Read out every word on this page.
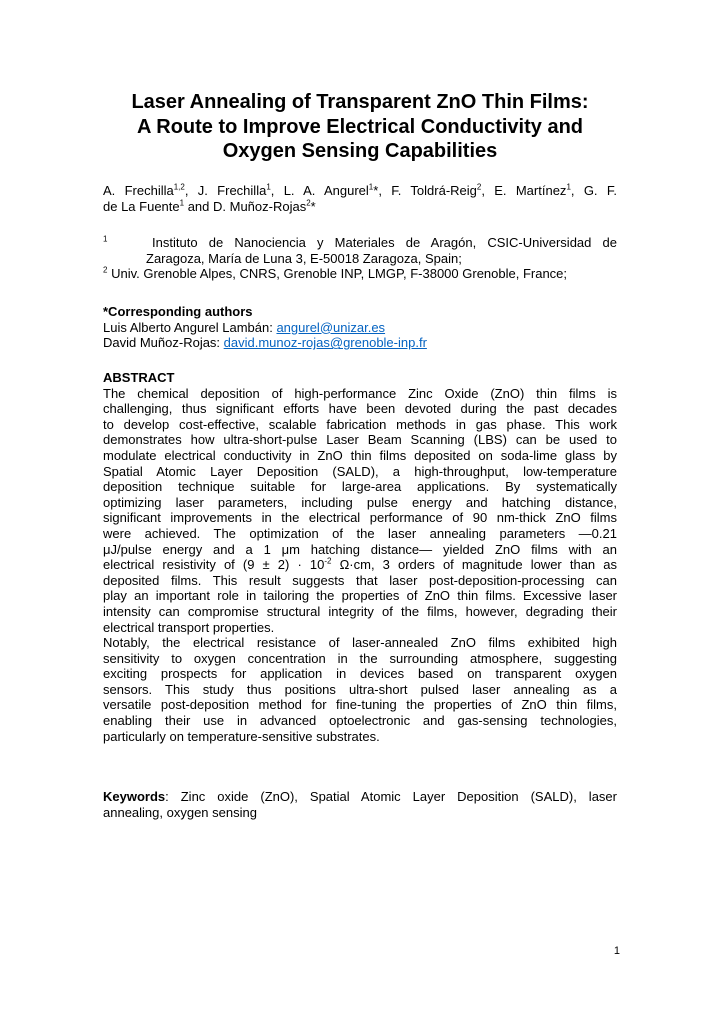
Laser Annealing of Transparent ZnO Thin Films:
A Route to Improve Electrical Conductivity and
Oxygen Sensing Capabilities
A. Frechilla$^{1,2}$, J. Frechilla$^1$, L. A. Angurel$^1$*, F. Toldrá-Reig$^2$, E. Martínez$^1$, G. F.
de La Fuente$^1$ and D. Muñoz-Rojas$^2$*
$^1$	Instituto de Nanociencia y Materiales de Aragón, CSIC-Universidad de
Zaragoza, María de Luna 3, E-50018 Zaragoza, Spain;
$^2$ Univ. Grenoble Alpes, CNRS, Grenoble INP, LMGP, F-38000 Grenoble, France;
*Corresponding authors
Luis Alberto Angurel Lambán: angurel@unizar.es
David Muñoz-Rojas: david.munoz-rojas@grenoble-inp.fr
ABSTRACT
The chemical deposition of high-performance Zinc Oxide (ZnO) thin films is
challenging, thus significant efforts have been devoted during the past decades
to develop cost-effective, scalable fabrication methods in gas phase. This work
demonstrates how ultra-short-pulse Laser Beam Scanning (LBS) can be used to
modulate electrical conductivity in ZnO thin films deposited on soda-lime glass by
Spatial Atomic Layer Deposition (SALD), a high-throughput, low-temperature
deposition technique suitable for large-area applications. By systematically
optimizing laser parameters, including pulse energy and hatching distance,
significant improvements in the electrical performance of 90 nm-thick ZnO films
were achieved. The optimization of the laser annealing parameters —0.21
μJ/pulse energy and a 1 μm hatching distance— yielded ZnO films with an
electrical resistivity of $(9 \pm 2) \cdot 10^{-2}$ Ω·cm, 3 orders of magnitude lower than as
deposited films. This result suggests that laser post-deposition-processing can
play an important role in tailoring the properties of ZnO thin films. Excessive laser
intensity can compromise structural integrity of the films, however, degrading their
electrical transport properties.
Notably, the electrical resistance of laser-annealed ZnO films exhibited high
sensitivity to oxygen concentration in the surrounding atmosphere, suggesting
exciting prospects for application in devices based on transparent oxygen
sensors. This study thus positions ultra-short pulsed laser annealing as a
versatile post-deposition method for fine-tuning the properties of ZnO thin films,
enabling their use in advanced optoelectronic and gas-sensing technologies,
particularly on temperature-sensitive substrates.
Keywords: Zinc oxide (ZnO), Spatial Atomic Layer Deposition (SALD), laser
annealing, oxygen sensing
1
